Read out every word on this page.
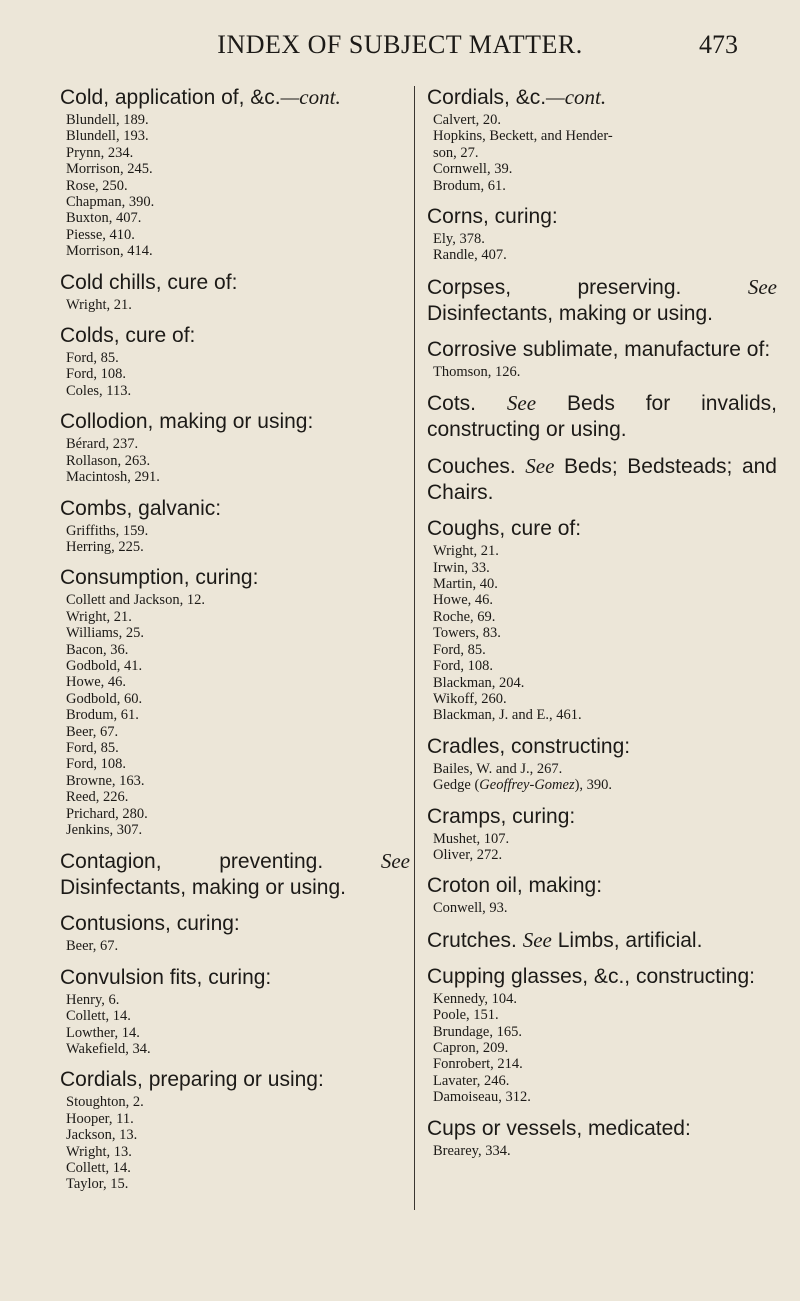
INDEX OF SUBJECT MATTER.	473
Cold, application of, &c.—cont.
Blundell, 189.
Blundell, 193.
Prynn, 234.
Morrison, 245.
Rose, 250.
Chapman, 390.
Buxton, 407.
Piesse, 410.
Morrison, 414.
Cold chills, cure of:
Wright, 21.
Colds, cure of:
Ford, 85.
Ford, 108.
Coles, 113.
Collodion, making or using:
Bérard, 237.
Rollason, 263.
Macintosh, 291.
Combs, galvanic:
Griffiths, 159.
Herring, 225.
Consumption, curing:
Collett and Jackson, 12.
Wright, 21.
Williams, 25.
Bacon, 36.
Godbold, 41.
Howe, 46.
Godbold, 60.
Brodum, 61.
Beer, 67.
Ford, 85.
Ford, 108.
Browne, 163.
Reed, 226.
Prichard, 280.
Jenkins, 307.
Contagion, preventing.	See Disinfectants, making or using.
Contusions, curing:
Beer, 67.
Convulsion fits, curing:
Henry, 6.
Collett, 14.
Lowther, 14.
Wakefield, 34.
Cordials, preparing or using:
Stoughton, 2.
Hooper, 11.
Jackson, 13.
Wright, 13.
Collett, 14.
Taylor, 15.
Cordials, &c.—cont.
Calvert, 20.
Hopkins, Beckett, and Hender-
son, 27.
Cornwell, 39.
Brodum, 61.
Corns, curing:
Ely, 378.
Randle, 407.
Corpses, preserving.	See Disinfectants, making or using.
Corrosive sublimate, manufacture of:
Thomson, 126.
Cots. See Beds for invalids, constructing or using.
Couches. See Beds; Bedsteads; and Chairs.
Coughs, cure of:
Wright, 21.
Irwin, 33.
Martin, 40.
Howe, 46.
Roche, 69.
Towers, 83.
Ford, 85.
Ford, 108.
Blackman, 204.
Wikoff, 260.
Blackman, J. and E., 461.
Cradles, constructing:
Bailes, W. and J., 267.
Gedge (Geoffrey-Gomez), 390.
Cramps, curing:
Mushet, 107.
Oliver, 272.
Croton oil, making:
Conwell, 93.
Crutches. See Limbs, artificial.
Cupping glasses, &c., constructing:
Kennedy, 104.
Poole, 151.
Brundage, 165.
Capron, 209.
Fonrobert, 214.
Lavater, 246.
Damoiseau, 312.
Cups or vessels, medicated:
Brearey, 334.
